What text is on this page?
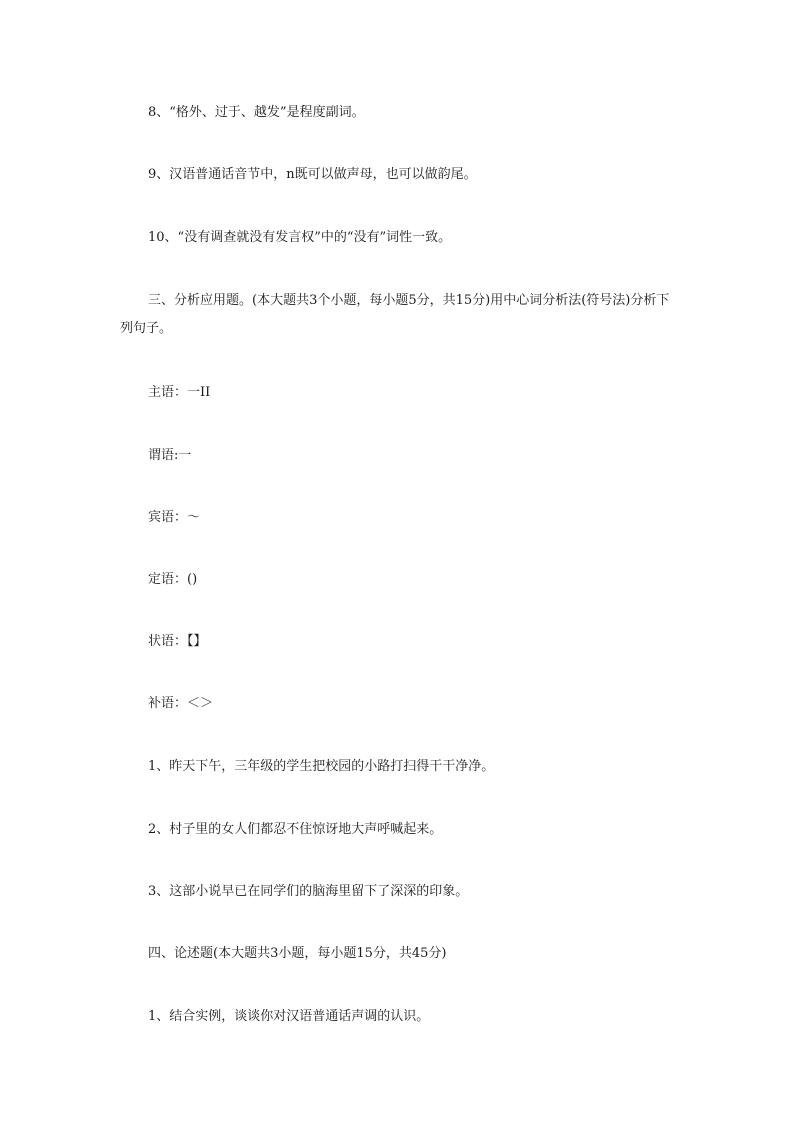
8、“格外、过于、越发”是程度副词。
9、汉语普通话音节中，n既可以做声母，也可以做韵尾。
10、“没有调查就没有发言权”中的“没有”词性一致。
三、分析应用题。(本大题共3个小题，每小题5分，共15分)用中心词分析法(符号法)分析下列句子。
主语：一II
谓语:一
宾语：～
定语：()
状语：【】
补语：＜＞
1、昨天下午，三年级的学生把校园的小路打扫得干干净净。
2、村子里的女人们都忍不住惊讶地大声呼喊起来。
3、这部小说早已在同学们的脑海里留下了深深的印象。
四、论述题(本大题共3小题，每小题15分，共45分)
1、结合实例，谈谈你对汉语普通话声调的认识。
